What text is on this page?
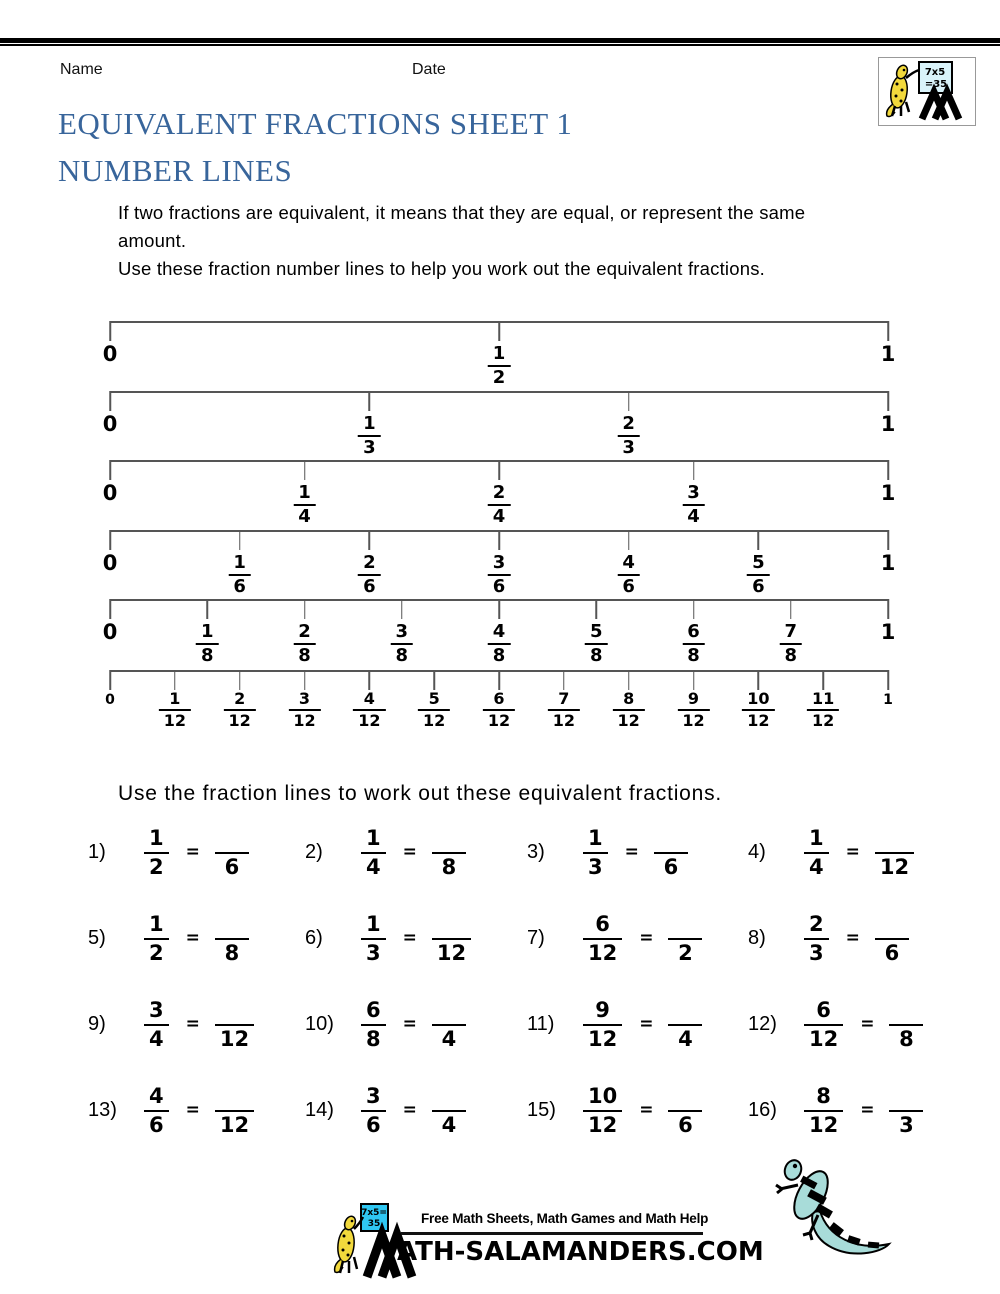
Name	Date	7x5
=35
EQUIVALENT FRACTIONS SHEET 1
NUMBER LINES
If two fractions are equivalent, it means that they are equal, or represent the same
amount.
Use these fraction number lines to help you work out the equivalent fractions.
0	1
$\frac{1}{2}$
0	1
$\frac{1}{3}$	$\frac{2}{3}$
0	1
$\frac{1}{4}$	$\frac{2}{4}$	$\frac{3}{4}$
0	1
$\frac{1}{6}$	$\frac{2}{6}$	$\frac{3}{6}$	$\frac{4}{6}$	$\frac{5}{6}$
0	1
$\frac{1}{8}$	$\frac{2}{8}$	$\frac{3}{8}$	$\frac{4}{8}$	$\frac{5}{8}$	$\frac{6}{8}$	$\frac{7}{8}$
0	1
$\frac{1}{12} \frac{2}{12} \frac{3}{12} \frac{4}{12} \frac{5}{12} \frac{6}{12} \frac{7}{12} \frac{8}{12} \frac{9}{12} \frac{10}{12} \frac{11}{12}$
Use the fraction lines to work out these equivalent fractions.
1)	$\frac{1}{2}$ =

6
2)	$\frac{1}{4}$ =

8
3)	$\frac{1}{3}$ =

6
4)	$\frac{1}{4}$ =

12
5)	$\frac{1}{2}$ =

8
6)	$\frac{1}{3}$ =

12
7)	$\frac{6}{12}$ =

2
8)	$\frac{2}{3}$ =

6
9)	$\frac{3}{4}$ =

12
10)	$\frac{6}{8}$ =

4
11)	$\frac{9}{12}$ =

4
12)	$\frac{6}{12}$ =

8
13)	$\frac{4}{6}$ =

12
14)	$\frac{3}{6}$ =

4
15)	$\frac{10}{12}$ =

6
16)	$\frac{8}{12}$ =

3
7x5=
35	Free Math Sheets, Math Games and Math Help
ATH-SALAMANDERS.COM
